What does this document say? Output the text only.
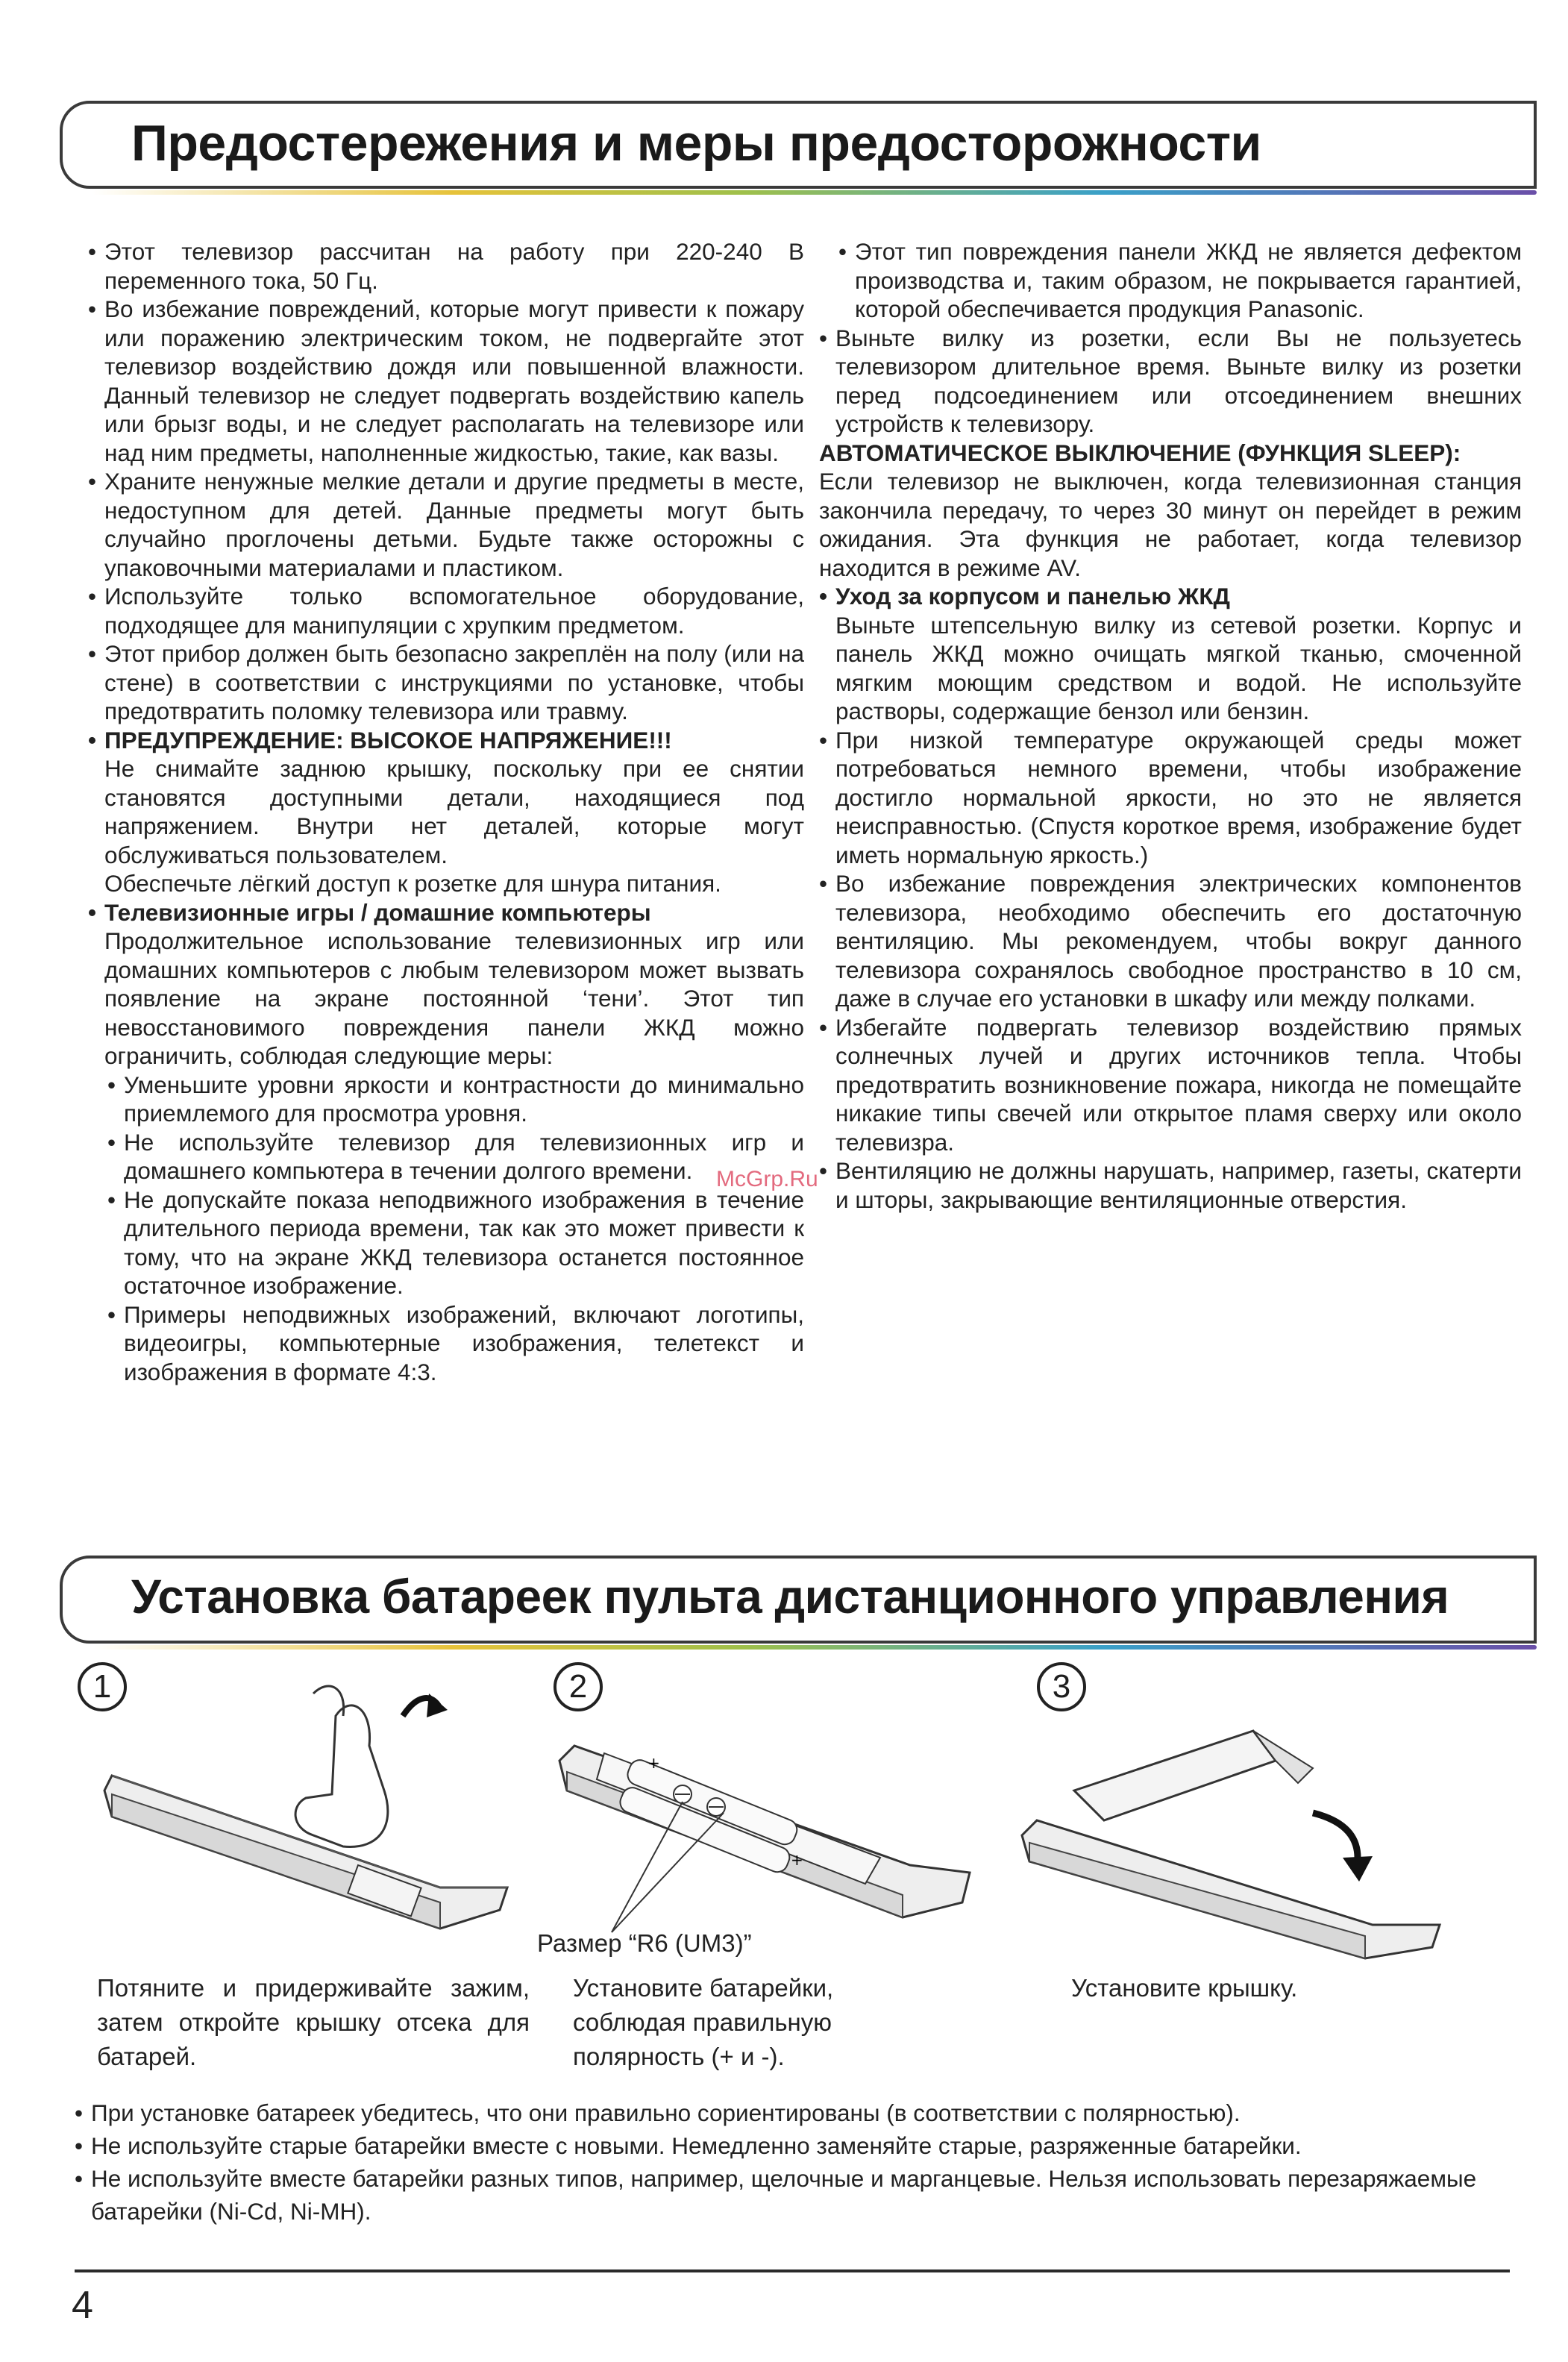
Предостережения и меры предосторожности

• Этот телевизор рассчитан на работу при 220-240 В переменного тока, 50 Гц.

• Во избежание повреждений, которые могут привести к пожару или поражению электрическим током, не подвергайте этот телевизор воздействию дождя или повышенной влажности. Данный телевизор не следует подвергать воздействию капель или брызг воды, и не следует располагать на телевизоре или над ним предметы, наполненные жидкостью, такие, как вазы.

• Храните ненужные мелкие детали и другие предметы в месте, недоступном для детей. Данные предметы могут быть случайно проглочены детьми. Будьте также осторожны с упаковочными материалами и пластиком.

• Используйте только вспомогательное оборудование, подходящее для манипуляции с хрупким предметом.

• Этот прибор должен быть безопасно закреплён на полу (или на стене) в соответствии с инструкциями по установке, чтобы предотвратить поломку телевизора или травму.

• ПРЕДУПРЕЖДЕНИЕ: ВЫСОКОЕ НАПРЯЖЕНИЕ!!!

Не снимайте заднюю крышку, поскольку при ее снятии становятся доступными детали, находящиеся под напряжением. Внутри нет деталей, которые могут обслуживаться пользователем.

Обеспечьте лёгкий доступ к розетке для шнура питания.

• Телевизионные игры / домашние компьютеры

Продолжительное использование телевизионных игр или домашних компьютеров с любым телевизором может вызвать появление на экране постоянной ‘тени’. Этот тип невосстановимого повреждения панели ЖКД можно ограничить, соблюдая следующие меры:

• Уменьшите уровни яркости и контрастности до минимально приемлемого для просмотра уровня.

• Не используйте телевизор для телевизионных игр и домашнего компьютера в течении долгого времени.

• Не допускайте показа неподвижного изображения в течение длительного периода времени, так как это может привести к тому, что на экране ЖКД телевизора останется постоянное остаточное изображение.

• Примеры неподвижных изображений, включают логотипы, видеоигры, компьютерные изображения, телетекст и изображения в формате 4:3.

• Этот тип повреждения панели ЖКД не является дефектом производства и, таким образом, не покрывается гарантией, которой обеспечивается продукция Panasonic.

• Выньте вилку из розетки, если Вы не пользуетесь телевизором длительное время. Выньте вилку из розетки перед подсоединением или отсоединением внешних устройств к телевизору.

АВТОМАТИЧЕСКОЕ ВЫКЛЮЧЕНИЕ (ФУНКЦИЯ SLEEP):

Если телевизор не выключен, когда телевизионная станция закончила передачу, то через 30 минут он перейдет в режим ожидания. Эта функция не работает, когда телевизор находится в режиме AV.

• Уход за корпусом и панелью ЖКД

Выньте штепсельную вилку из сетевой розетки. Корпус и панель ЖКД можно очищать мягкой тканью, смоченной мягким моющим средством и водой. Не используйте растворы, содержащие бензол или бензин.

• При низкой температуре окружающей среды может потребоваться немного времени, чтобы изображение достигло нормальной яркости, но это не является неисправностью. (Спустя короткое время, изображение будет иметь нормальную яркость.)

• Во избежание повреждения электрических компонентов телевизора, необходимо обеспечить его достаточную вентиляцию. Мы рекомендуем, чтобы вокруг данного телевизора сохранялось свободное пространство в 10 см, даже в случае его установки в шкафу или между полками.

• Избегайте подвергать телевизор воздействию прямых солнечных лучей и других источников тепла. Чтобы предотвратить возникновение пожара, никогда не помещайте никакие типы свечей или открытое пламя сверху или около телевизра.

• Вентиляцию не должны нарушать, например, газеты, скатерти и шторы, закрывающие вентиляционные отверстия.

Установка батареек пульта дистанционного управления
1	2	3
+
+
Размер “R6 (UM3)”
Потяните и придерживайте зажим, затем откройте крышку отсека для батарей.
Установите батарейки, соблюдая правильную полярность (+ и -).
Установите крышку.

• При установке батареек убедитесь, что они правильно сориентированы (в соответствии с полярностью).

• Не используйте старые батарейки вместе с новыми. Немедленно заменяйте старые, разряженные батарейки.

• Не используйте вместе батарейки разных типов, например, щелочные и марганцевые. Нельзя использовать перезаряжаемые батарейки (Ni-Cd, Ni-MH).

McGrp.Ru
4
